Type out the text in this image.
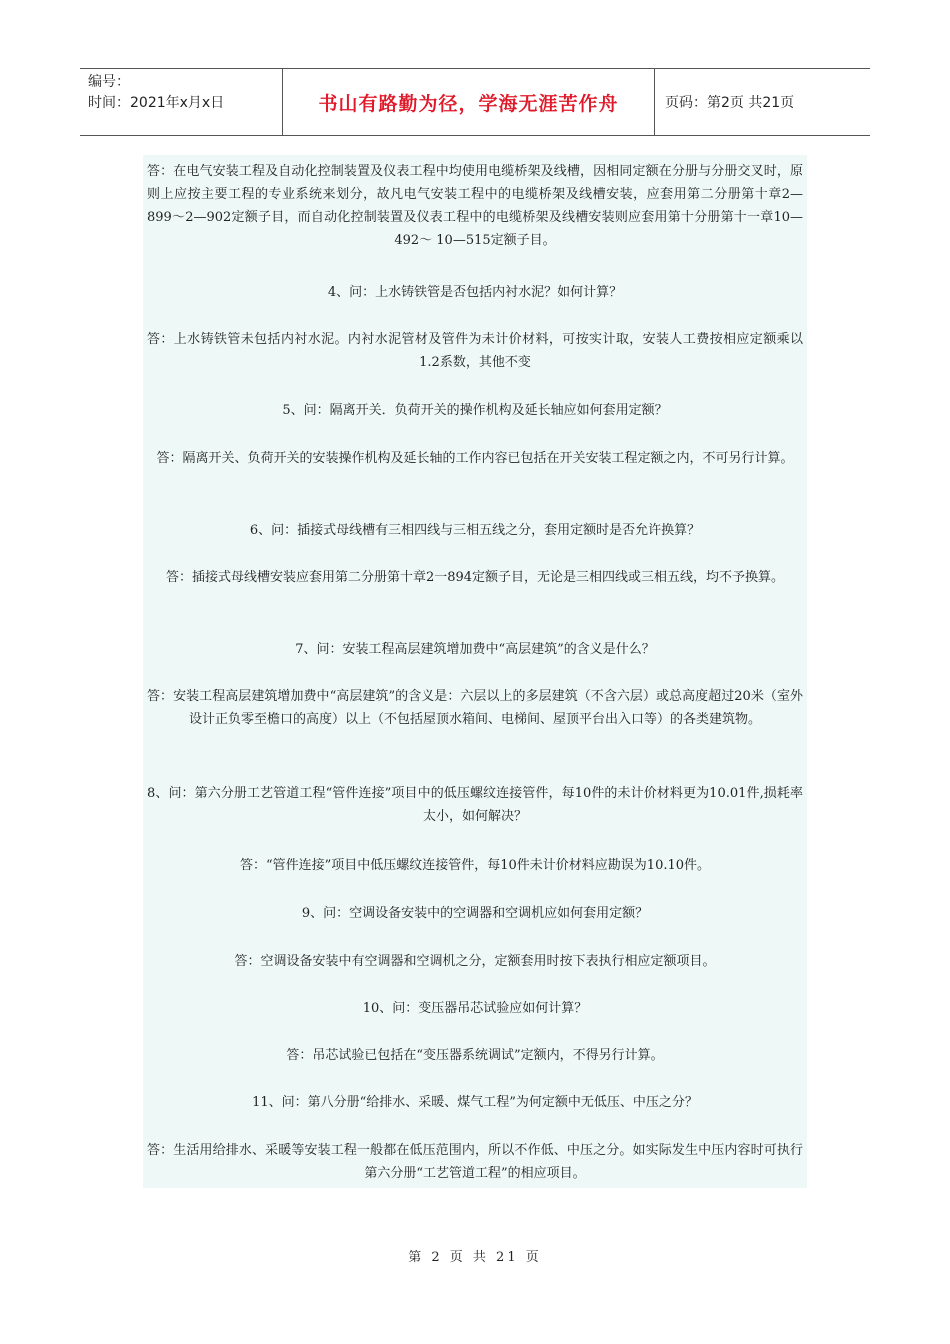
编号：
时间：2021年x月x日	书山有路勤为径，学海无涯苦作舟	页码：第2页 共21页

答：在电气安装工程及自动化控制装置及仪表工程中均使用电缆桥架及线槽，因相同定额在分册与分册交叉时，原则上应按主要工程的专业系统来划分，故凡电气安装工程中的电缆桥架及线槽安装，应套用第二分册第十章2—899～2—902定额子目，而自动化控制装置及仪表工程中的电缆桥架及线槽安装则应套用第十分册第十一章10—492～ 10—515定额子目。

4、问：上水铸铁管是否包括内衬水泥？如何计算？

答：上水铸铁管未包括内衬水泥。内衬水泥管材及管件为未计价材料，可按实计取，安装人工费按相应定额乘以1.2系数，其他不变

5、问：隔离开关．负荷开关的操作机构及延长轴应如何套用定额？

答：隔离开关、负荷开关的安装操作机构及延长轴的工作内容已包括在开关安装工程定额之内，不可另行计算。

6、问：插接式母线槽有三相四线与三相五线之分，套用定额时是否允许换算？

答：插接式母线槽安装应套用第二分册第十章2一894定额子目，无论是三相四线或三相五线，均不予换算。

7、问：安装工程高层建筑增加费中“高层建筑”的含义是什么？

答：安装工程高层建筑增加费中“高层建筑”的含义是：六层以上的多层建筑（不含六层）或总高度超过20米（室外设计正负零至檐口的高度）以上（不包括屋顶水箱间、电梯间、屋顶平台出入口等）的各类建筑物。

8、问：第六分册工艺管道工程“管件连接”项目中的低压螺纹连接管件，每10件的未计价材料更为10.01件,损耗率太小，如何解决？

答：“管件连接”项目中低压螺纹连接管件，每10件未计价材料应勘误为10.10件。

9、问：空调设备安装中的空调器和空调机应如何套用定额？

答：空调设备安装中有空调器和空调机之分，定额套用时按下表执行相应定额项目。

10、问：变压器吊芯试验应如何计算？

答：吊芯试验已包括在“变压器系统调试”定额内，不得另行计算。

11、问：第八分册“给排水、采暖、煤气工程”为何定额中无低压、中压之分？

答：生活用给排水、采暖等安装工程一般都在低压范围内，所以不作低、中压之分。如实际发生中压内容时可执行第六分册“工艺管道工程”的相应项目。

第 2 页 共 21 页
